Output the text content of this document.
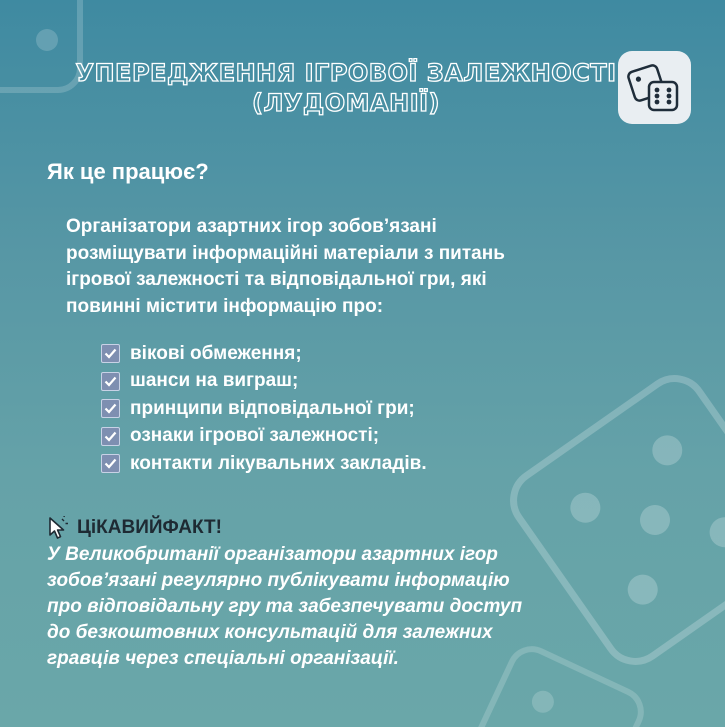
УПЕРЕДЖЕННЯ ІГРОВОЇ ЗАЛЕЖНОСТІ
(ЛУДОМАНІЇ)
Як це працює?

Організатори азартних ігор зобов’язані
розміщувати інформаційні матеріали з питань
ігрової залежності та відповідальної гри, які
повинні містити інформацію про:

вікові обмеження;
шанси на виграш;
принципи відповідальної гри;
ознаки ігрової залежності;
контакти лікувальних закладів.
ЦіКАВИЙ ФАКТ!

У Великобританії організатори азартних ігор
зобов’язані регулярно публікувати інформацію
про відповідальну гру та забезпечувати доступ
до безкоштовних консультацій для залежних
гравців через спеціальні організації.
